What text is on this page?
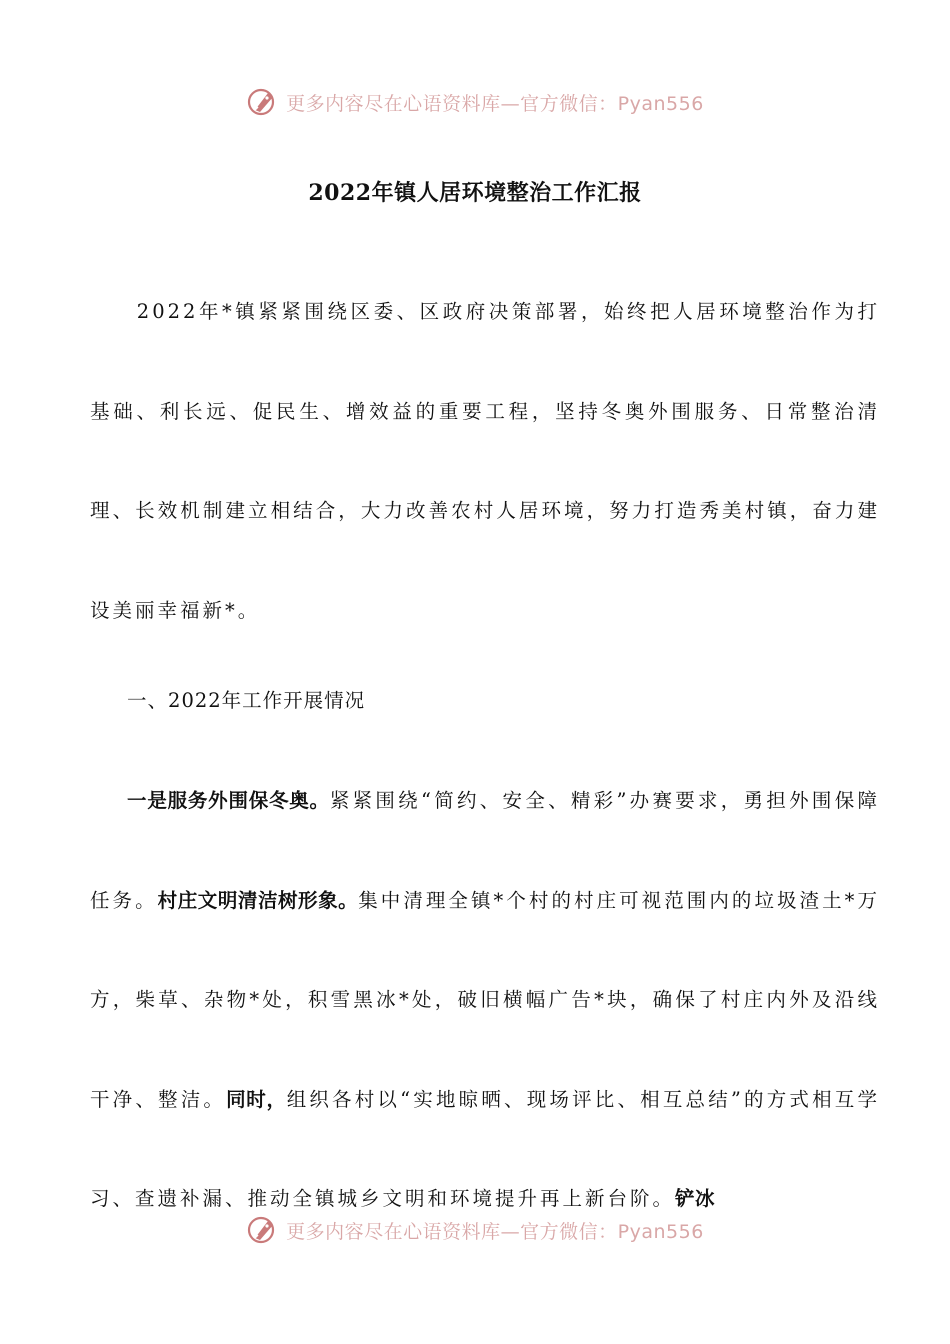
更多内容尽在心语资料库—官方微信：Pyan556
2022年镇人居环境整治工作汇报

2022年*镇紧紧围绕区委、区政府决策部署，始终把人居环境整治作为打基础、利长远、促民生、增效益的重要工程，坚持冬奥外围服务、日常整治清理、长效机制建立相结合，大力改善农村人居环境，努力打造秀美村镇，奋力建设美丽幸福新*。

一、2022年工作开展情况

一是服务外围保冬奥。紧紧围绕“简约、安全、精彩”办赛要求，勇担外围保障任务。村庄文明清洁树形象。集中清理全镇*个村的村庄可视范围内的垃圾渣土*万方，柴草、杂物*处，积雪黑冰*处，破旧横幅广告*块，确保了村庄内外及沿线干净、整洁。同时，组织各村以“实地晾晒、现场评比、相互总结”的方式相互学习、查遗补漏、推动全镇城乡文明和环境提升再上新台阶。铲冰

更多内容尽在心语资料库—官方微信：Pyan556
